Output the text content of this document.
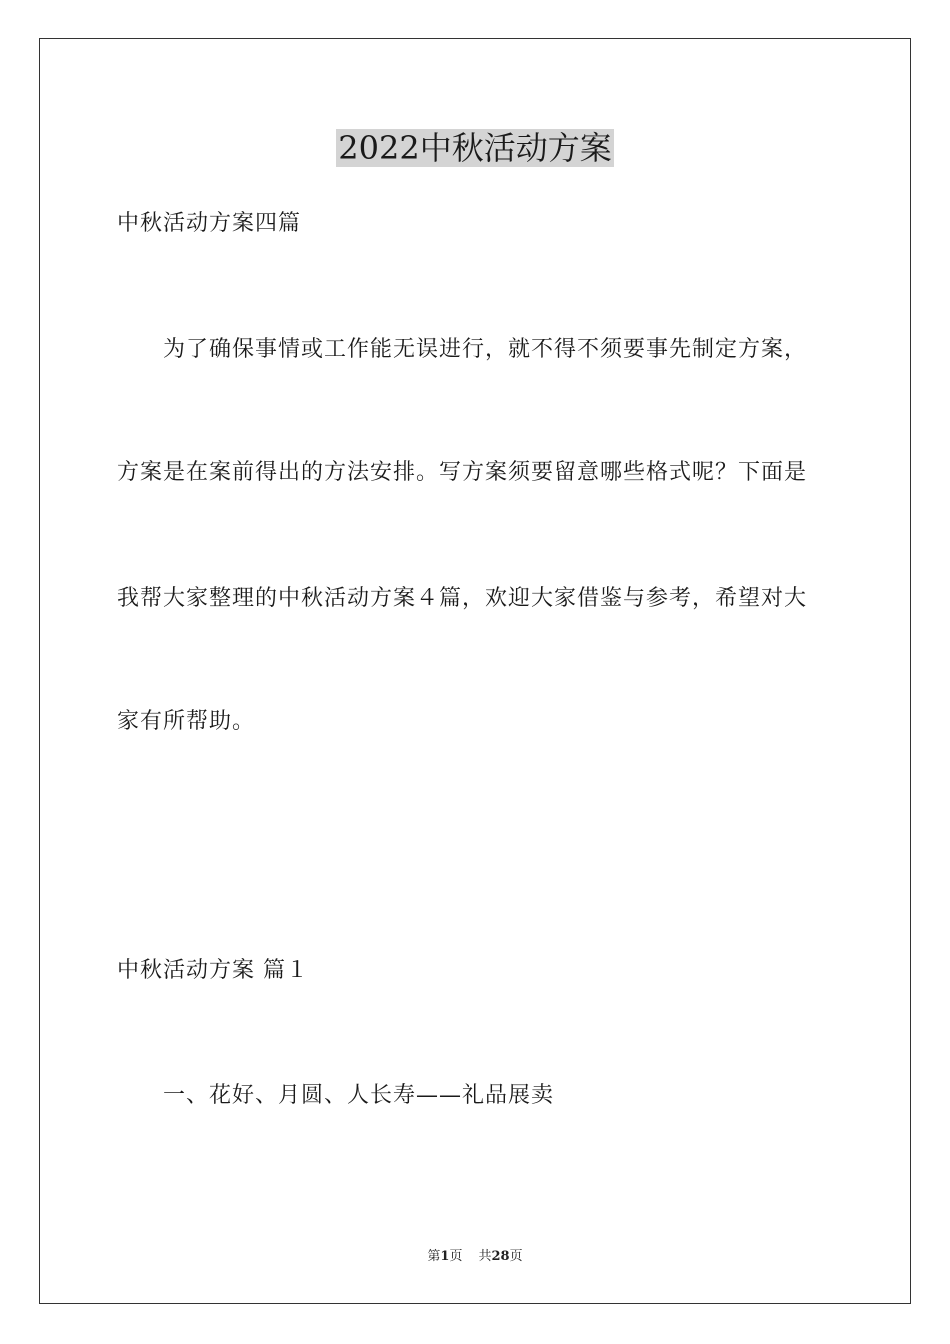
2022中秋活动方案
中秋活动方案四篇
为了确保事情或工作能无误进行，就不得不须要事先制定方案，
方案是在案前得出的方法安排。写方案须要留意哪些格式呢？下面是
我帮大家整理的中秋活动方案４篇，欢迎大家借鉴与参考，希望对大
家有所帮助。
中秋活动方案 篇１
一、花好、月圆、人长寿——礼品展卖
第1页 共28页
